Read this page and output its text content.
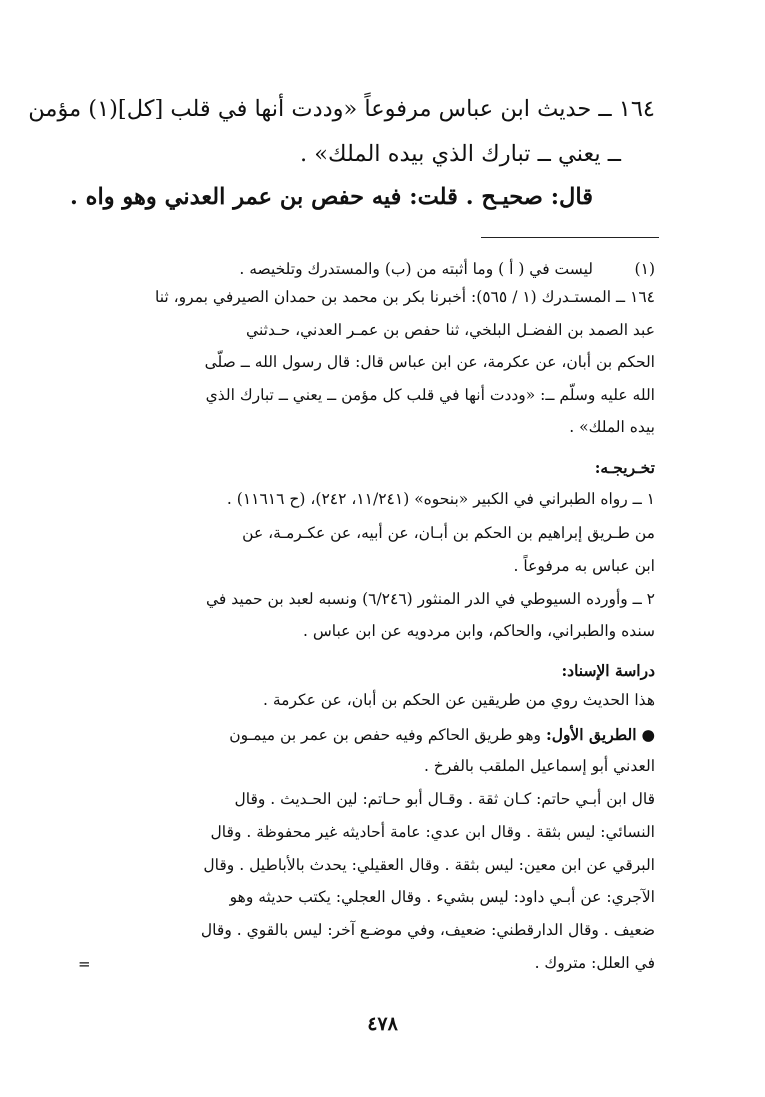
١٦٤ ــ حديث ابن عباس مرفوعاً «وددت أنها في قلب [كل](١) مؤمن

ــ يعني ــ تبارك الذي بيده الملك» .

قال: صحيـح . قلت: فيه حفص بن عمر العدني وهو واه .

(١)

ليست في ( أ ) وما أثبته من (ب) والمستدرك وتلخيصه .

١٦٤ ــ المستـدرك (١ / ٥٦٥): أخبرنا بكر بن محمد بن حمدان الصيرفي بمرو، ثنا

عبد الصمد بن الفضـل البلخي، ثنا حفص بن عمـر العدني، حـدثني

الحكم بن أبان، عن عكرمة، عن ابن عباس قال: قال رسول الله ــ صلّى

الله عليه وسلّم ــ: «وددت أنها في قلب كل مؤمن ــ يعني ــ تبارك الذي

بيده الملك» .

تخـريجـه:

١ ــ رواه الطبراني في الكبير «بنحوه» (١١/٢٤١، ٢٤٢)، (ح ١١٦١٦) .

من طـريق إبراهيم بن الحكم بن أبـان، عن أبيه، عن عكـرمـة، عن

ابن عباس به مرفوعاً .

٢ ــ وأورده السيوطي في الدر المنثور (٦/٢٤٦) ونسبه لعبد بن حميد في

سنده والطبراني، والحاكم، وابن مردويه عن ابن عباس .

دراسة الإسناد:

هذا الحديث روي من طريقين عن الحكم بن أبان، عن عكرمة .

● الطريق الأول: وهو طريق الحاكم وفيه حفص بن عمر بن ميمـون

العدني أبو إسماعيل الملقب بالفرخ .

قال ابن أبـي حاتم: كـان ثقة . وقـال أبو حـاتم: لين الحـديث . وقال

النسائي: ليس بثقة . وقال ابن عدي: عامة أحاديثه غير محفوظة . وقال

البرقي عن ابن معين: ليس بثقة . وقال العقيلي: يحدث بالأباطيل . وقال

الآجري: عن أبـي داود: ليس بشيء . وقال العجلي: يكتب حديثه وهو

ضعيف . وقال الدارقطني: ضعيف، وفي موضـع آخر: ليس بالقوي . وقال

في العلل: متروك .

=
٤٧٨
